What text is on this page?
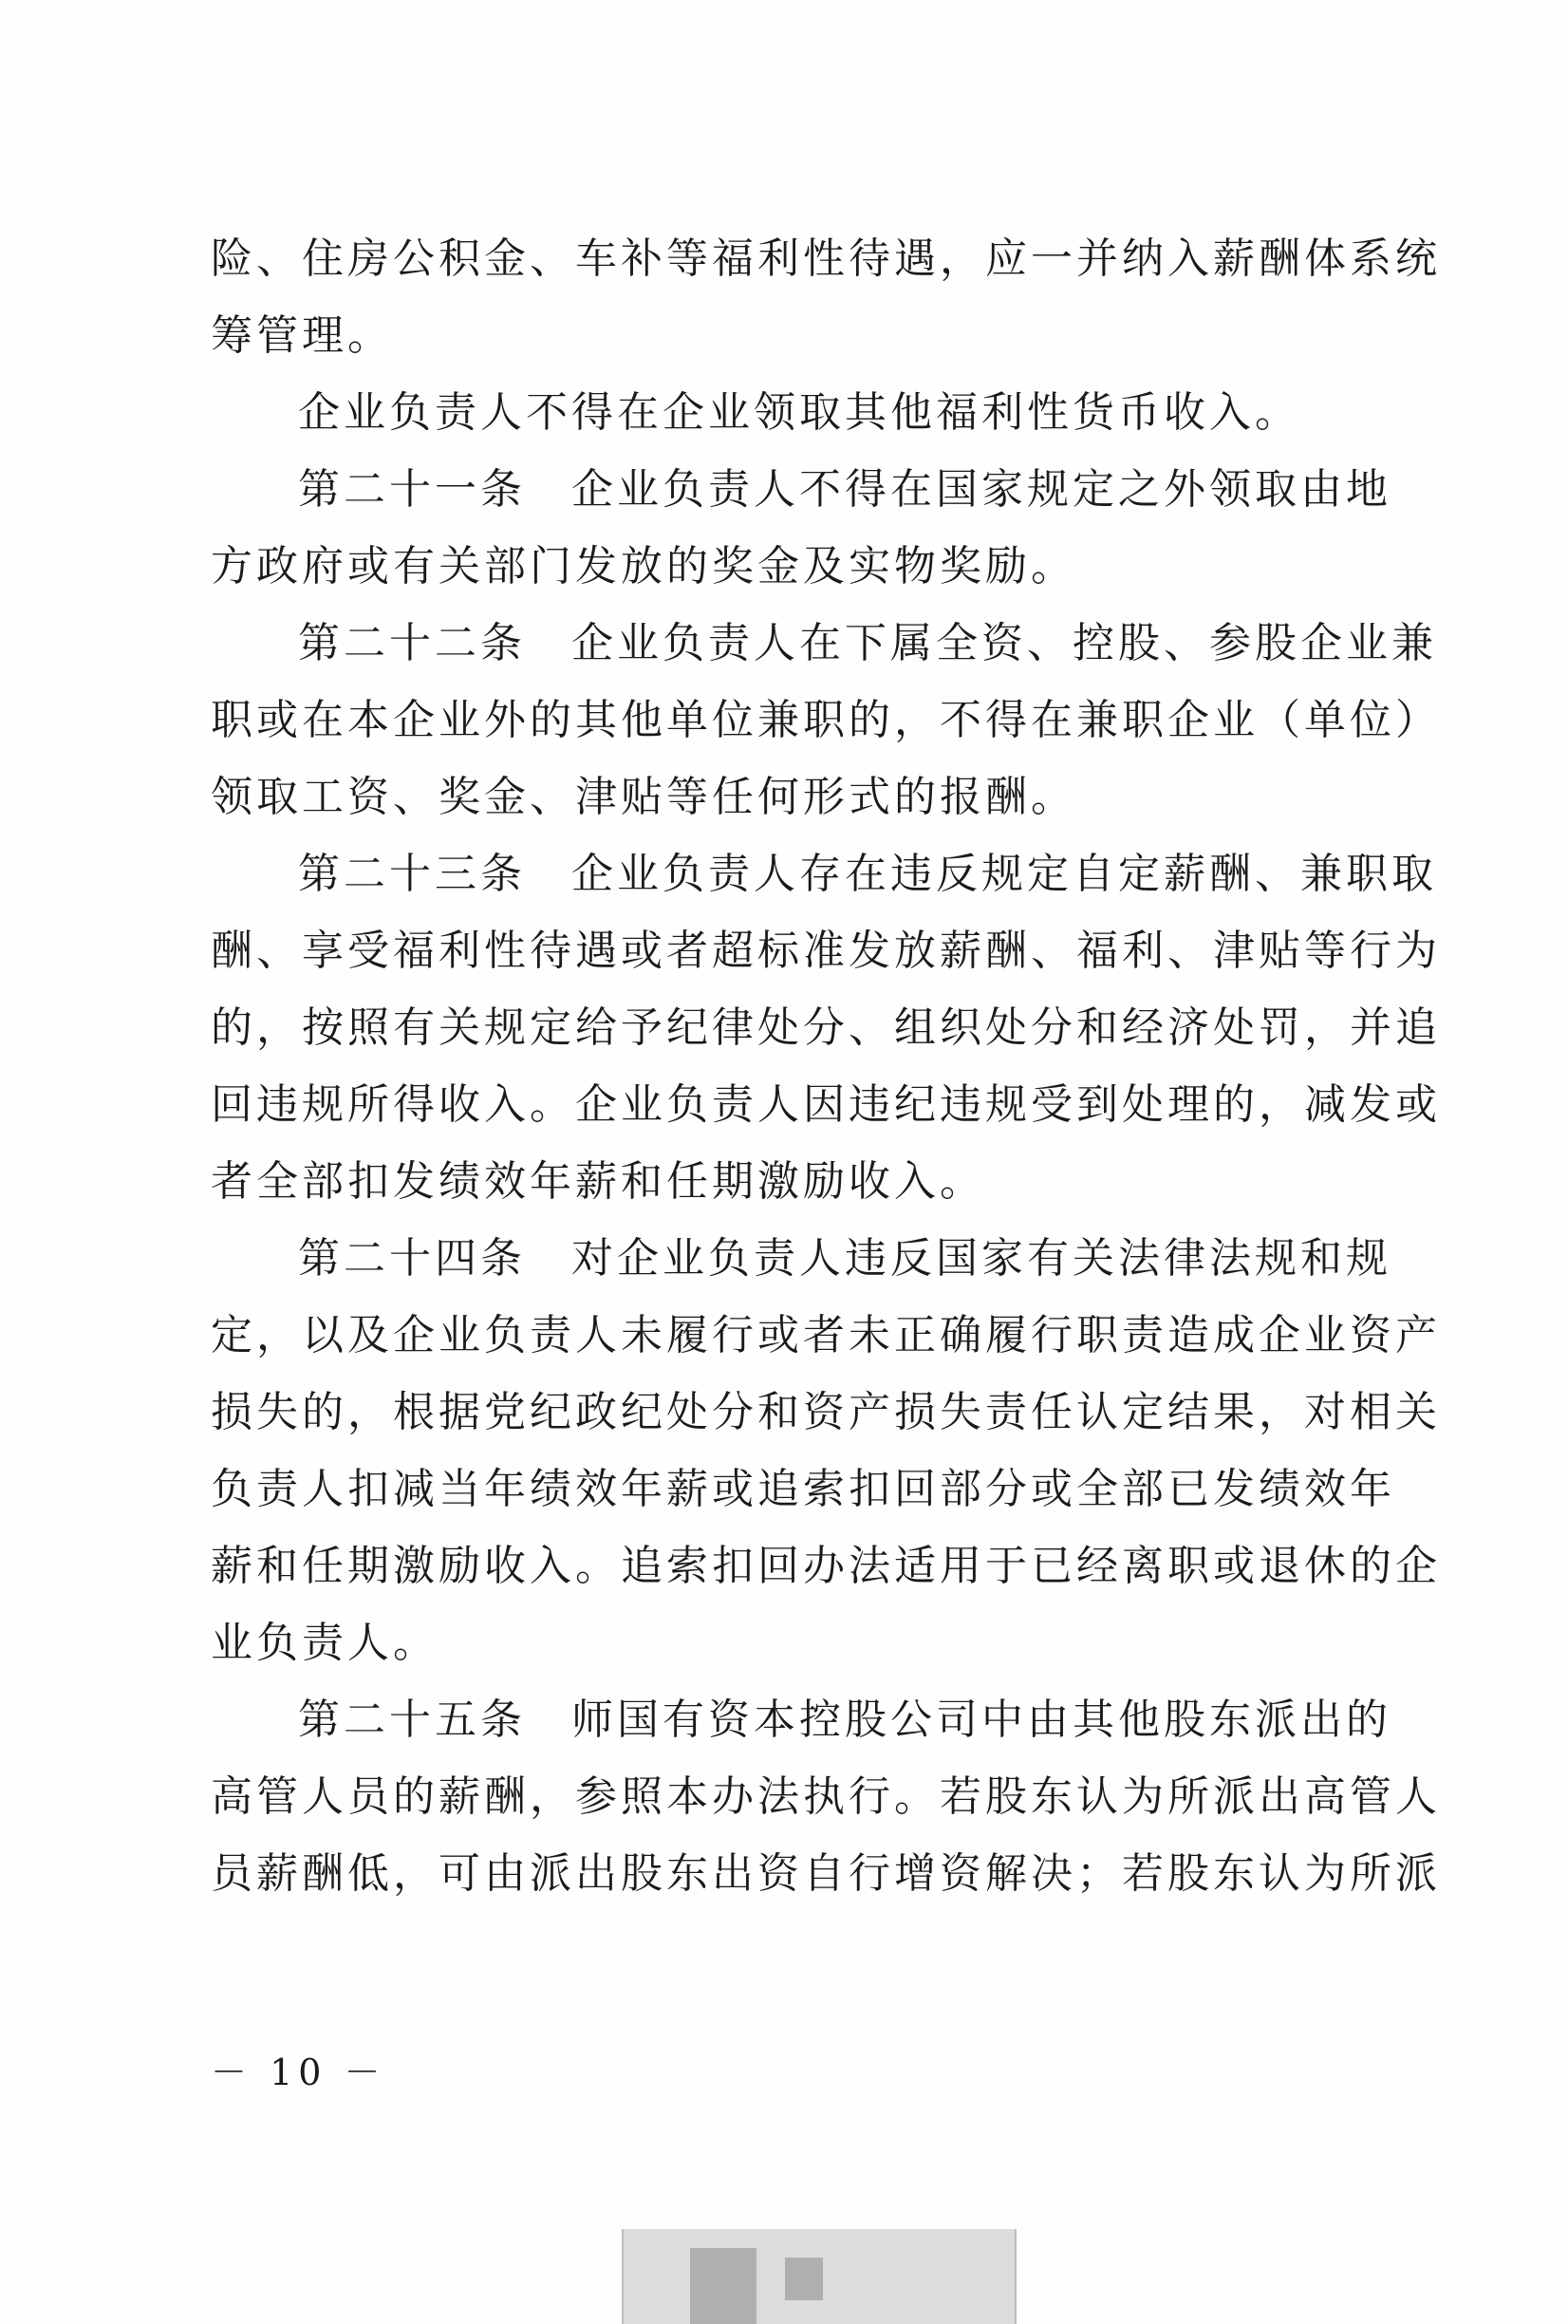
险、住房公积金、车补等福利性待遇，应一并纳入薪酬体系统
筹管理。
企业负责人不得在企业领取其他福利性货币收入。
第二十一条　企业负责人不得在国家规定之外领取由地
方政府或有关部门发放的奖金及实物奖励。
第二十二条　企业负责人在下属全资、控股、参股企业兼
职或在本企业外的其他单位兼职的，不得在兼职企业（单位）
领取工资、奖金、津贴等任何形式的报酬。
第二十三条　企业负责人存在违反规定自定薪酬、兼职取
酬、享受福利性待遇或者超标准发放薪酬、福利、津贴等行为
的，按照有关规定给予纪律处分、组织处分和经济处罚，并追
回违规所得收入。企业负责人因违纪违规受到处理的，减发或
者全部扣发绩效年薪和任期激励收入。
第二十四条　对企业负责人违反国家有关法律法规和规
定，以及企业负责人未履行或者未正确履行职责造成企业资产
损失的，根据党纪政纪处分和资产损失责任认定结果，对相关
负责人扣减当年绩效年薪或追索扣回部分或全部已发绩效年
薪和任期激励收入。追索扣回办法适用于已经离职或退休的企
业负责人。
第二十五条　师国有资本控股公司中由其他股东派出的
高管人员的薪酬，参照本办法执行。若股东认为所派出高管人
员薪酬低，可由派出股东出资自行增资解决；若股东认为所派
－ 10 －
